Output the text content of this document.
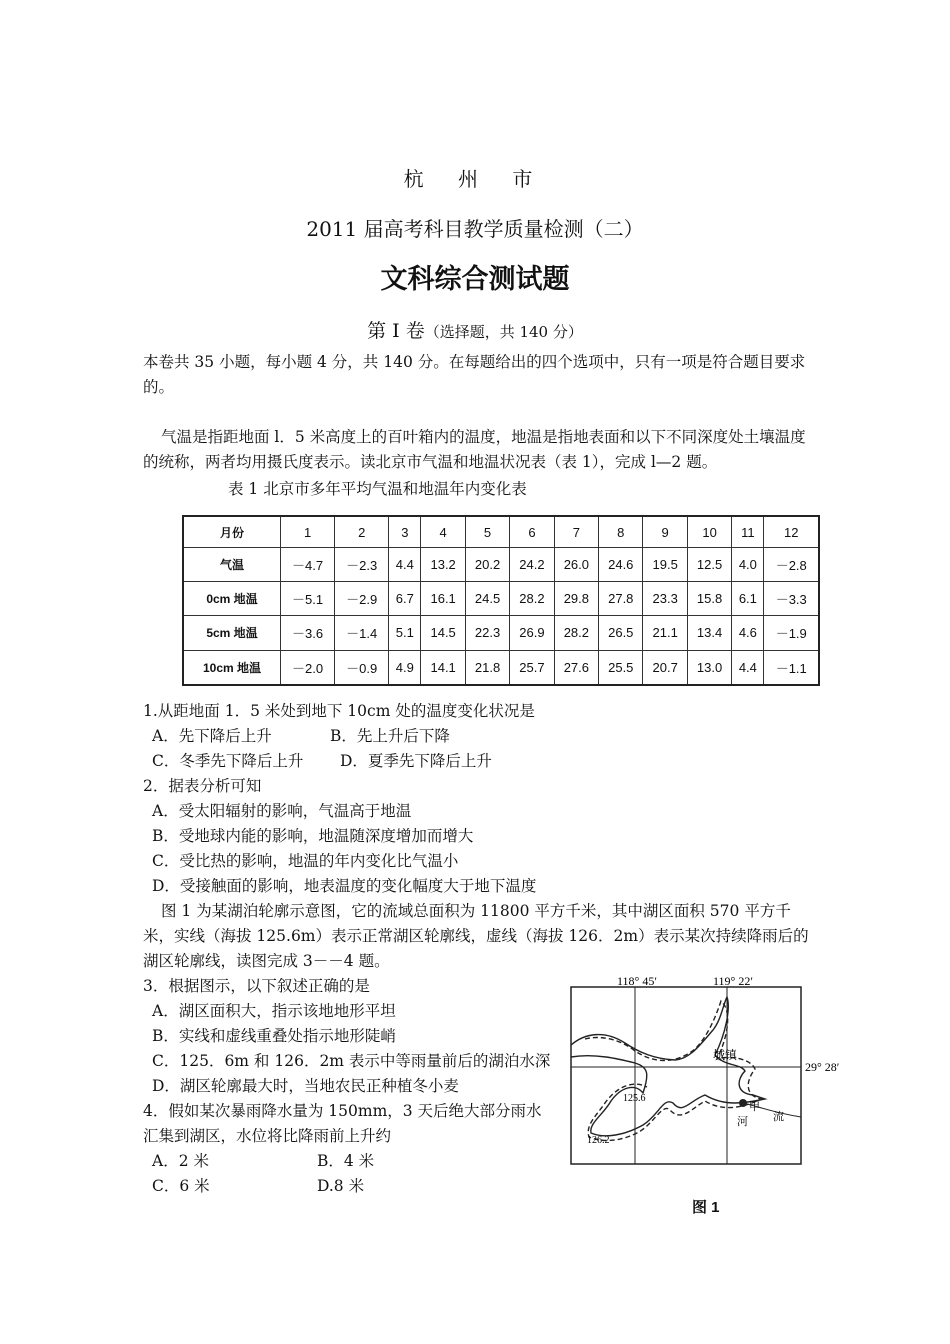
杭 州 市
2011 届高考科目教学质量检测（二）
文科综合测试题
第 I 卷（选择题，共 140 分）
本卷共 35 小题，每小题 4 分，共 140 分。在每题给出的四个选项中，只有一项是符合题目要求的。
气温是指距地面 l．5 米高度上的百叶箱内的温度，地温是指地表面和以下不同深度处土壤温度的统称，两者均用摄氏度表示。读北京市气温和地温状况表（表 1），完成 l—2 题。
表 1 北京市多年平均气温和地温年内变化表
月份	1	2	3	4	5	6	7	8	9	10	11	12
气温	－4.7	－2.3	4.4	13.2	20.2	24.2	26.0	24.6	19.5	12.5	4.0	－2.8
0cm 地温	－5.1	－2.9	6.7	16.1	24.5	28.2	29.8	27.8	23.3	15.8	6.1	－3.3
5cm 地温	－3.6	－1.4	5.1	14.5	22.3	26.9	28.2	26.5	21.1	13.4	4.6	－1.9
10cm 地温	－2.0	－0.9	4.9	14.1	21.8	25.7	27.6	25.5	20.7	13.0	4.4	－1.1
1.从距地面 1．5 米处到地下 10cm 处的温度变化状况是
A．先下降后上升	B．先上升后下降
C．冬季先下降后上升 D．夏季先下降后上升
2．据表分析可知
A．受太阳辐射的影响，气温高于地温
B．受地球内能的影响，地温随深度增加而增大
C．受比热的影响，地温的年内变化比气温小
D．受接触面的影响，地表温度的变化幅度大于地下温度
图 1 为某湖泊轮廓示意图，它的流域总面积为 11800 平方千米，其中湖区面积 570 平方千米，实线（海拔 125.6m）表示正常湖区轮廓线，虚线（海拔 126．2m）表示某次持续降雨后的湖区轮廓线，读图完成 3－－4 题。
3．根据图示，以下叙述正确的是
A．湖区面积大，指示该地地形平坦
B．实线和虚线重叠处指示地形陡峭
C．125．6m 和 126．2m 表示中等雨量前后的湖泊水深
D．湖区轮廓最大时，当地农民正种植冬小麦
4．假如某次暴雨降水量为 150mm，3 天后绝大部分雨水
汇集到湖区，水位将比降雨前上升约
A．2 米	B．4 米
C．6 米	D.8 米
118° 45′	119° 22′
29° 28′
城镇
125.6
126.2
甲
河 流
图 1
